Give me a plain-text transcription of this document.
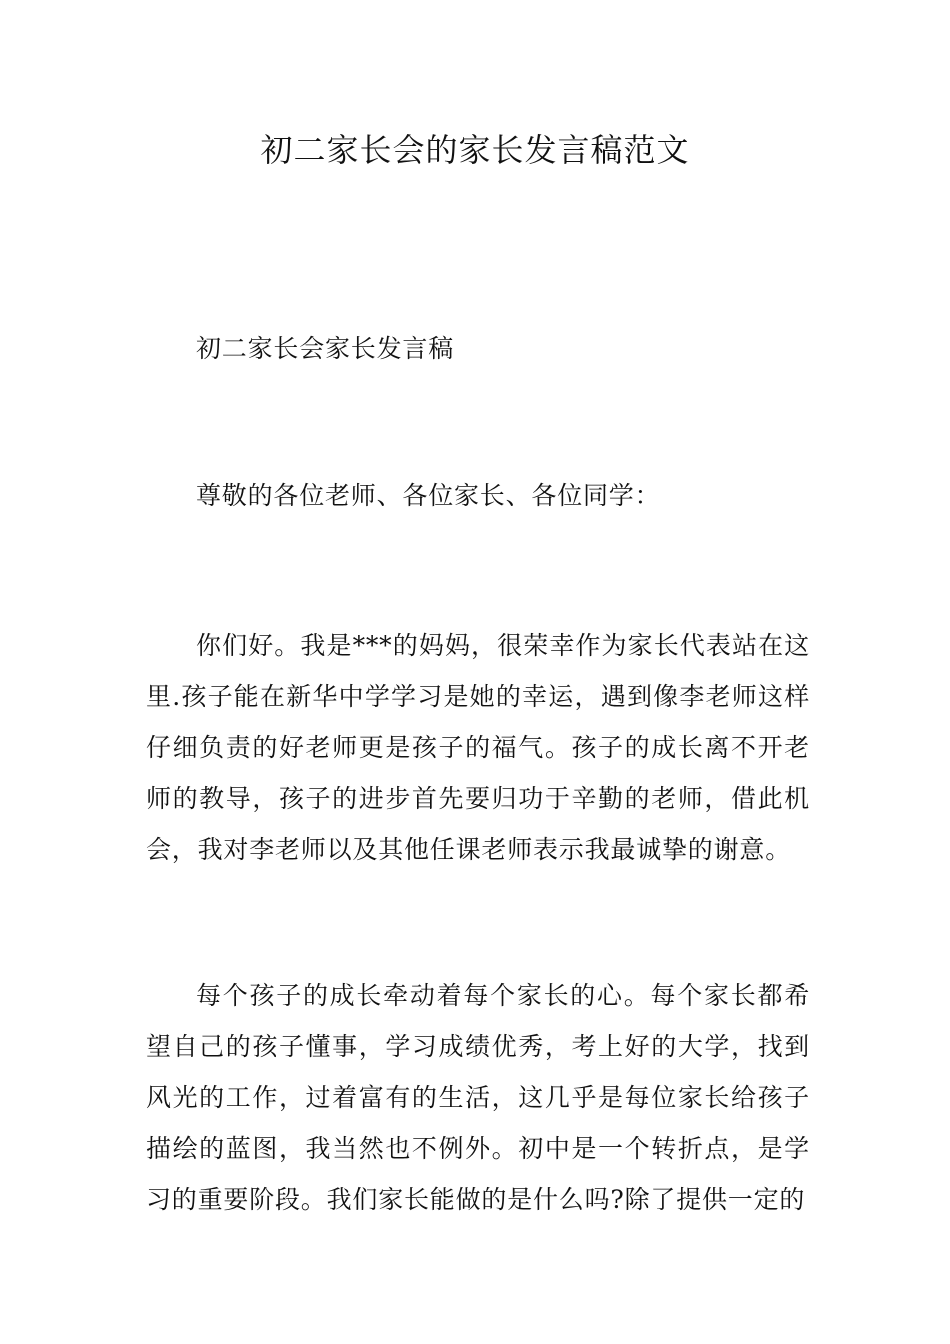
初二家长会的家长发言稿范文

初二家长会家长发言稿

尊敬的各位老师、各位家长、各位同学：

你们好。我是***的妈妈，很荣幸作为家长代表站在这里.孩子能在新华中学学习是她的幸运，遇到像李老师这样仔细负责的好老师更是孩子的福气。孩子的成长离不开老师的教导，孩子的进步首先要归功于辛勤的老师，借此机会，我对李老师以及其他任课老师表示我最诚挚的谢意。

每个孩子的成长牵动着每个家长的心。每个家长都希望自己的孩子懂事，学习成绩优秀，考上好的大学，找到风光的工作，过着富有的生活，这几乎是每位家长给孩子描绘的蓝图，我当然也不例外。初中是一个转折点，是学习的重要阶段。我们家长能做的是什么吗?除了提供一定的
